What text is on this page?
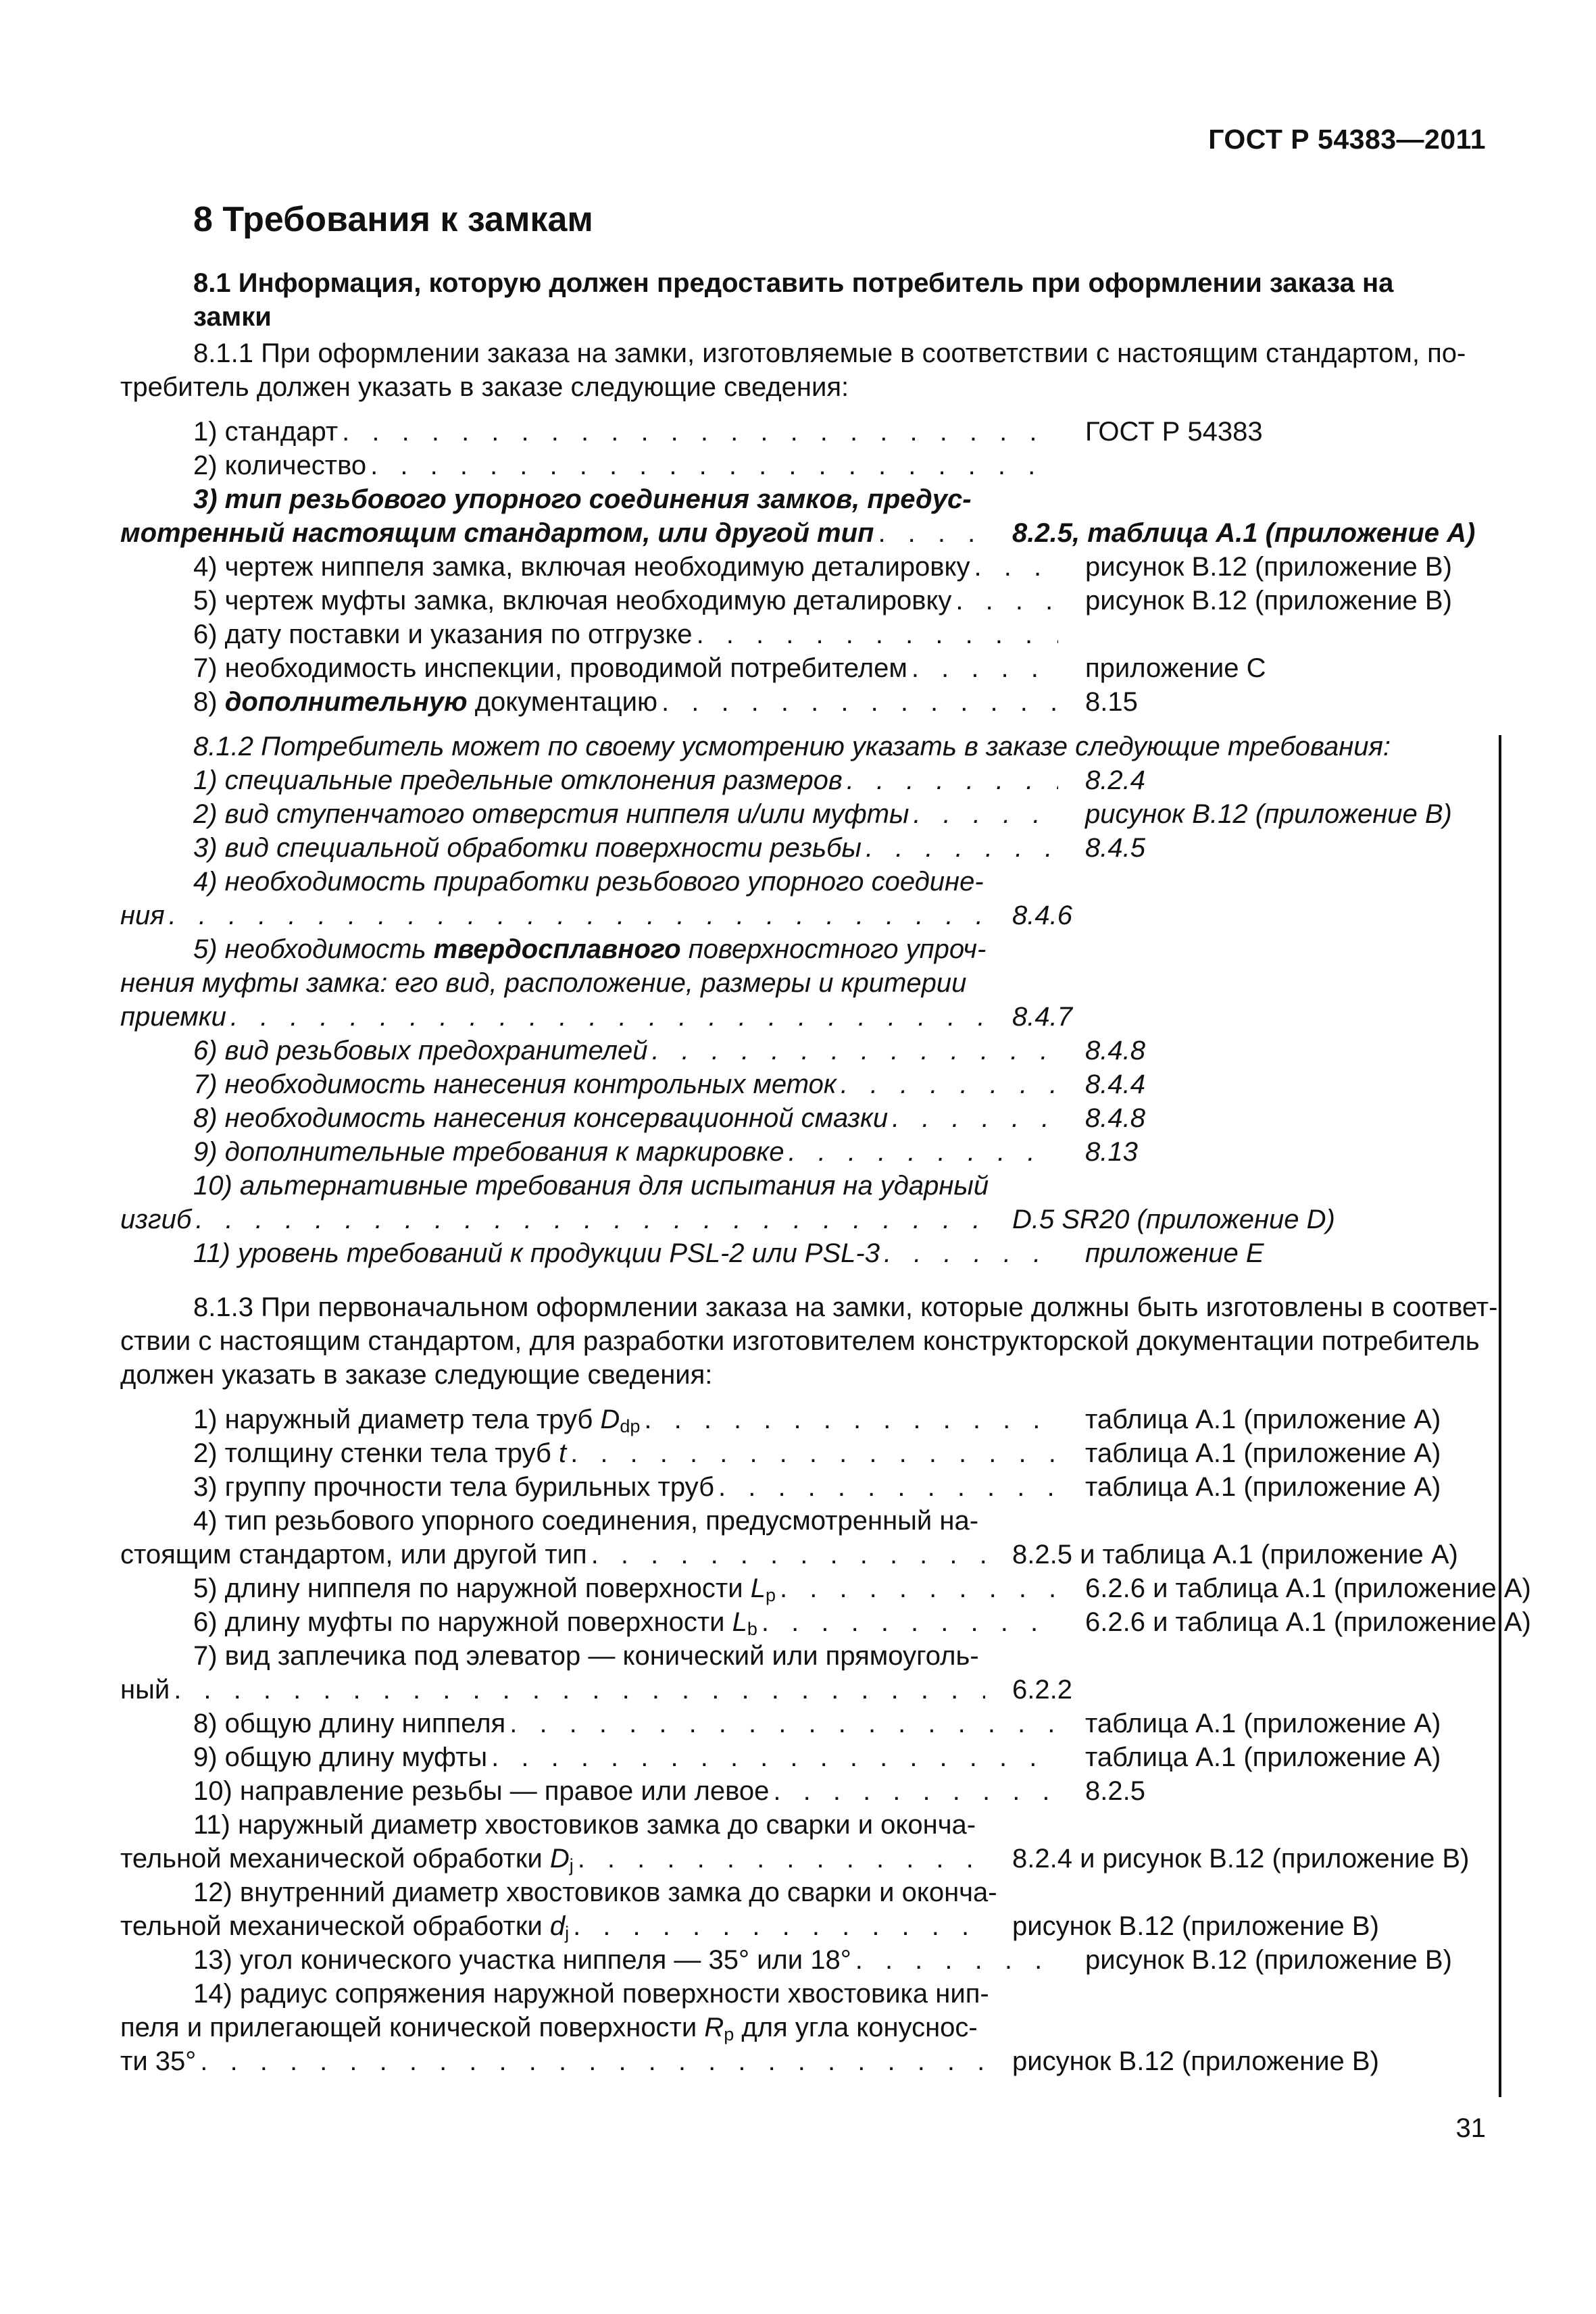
ГОСТ Р 54383—2011
8 Требования к замкам
8.1 Информация, которую должен предоставить потребитель при оформлении заказа на
замки
8.1.1 При оформлении заказа на замки, изготовляемые в соответствии с настоящим стандартом, по-
требитель должен указать в заказе следующие сведения:
1) стандарт . . .	ГОСТ Р 54383
2) количество
. . .
3) тип резьбового упорного соединения замков, предус-
мотренный настоящим стандартом, или другой тип . . .	8.2.5, таблица А.1 (приложение А)
4) чертеж ниппеля замка, включая необходимую деталировку . . .	рисунок В.12 (приложение В)
5) чертеж муфты замка, включая необходимую деталировку . . .	рисунок В.12 (приложение В)
6) дату поставки и указания по отгрузке
. . .
7) необходимость инспекции, проводимой потребителем . . .	приложение С
8) дополнительную документацию . . .	8.15
8.1.2 Потребитель может по своему усмотрению указать в заказе следующие требования:
1) специальные предельные отклонения размеров . . .	8.2.4
2) вид ступенчатого отверстия ниппеля и/или муфты . . .	рисунок В.12 (приложение В)
3) вид специальной обработки поверхности резьбы . . .	8.4.5
4) необходимость приработки резьбового упорного соедине-
ния . . .	8.4.6
5) необходимость твердосплавного поверхностного упроч-
нения муфты замка: его вид, расположение, размеры и критерии
приемки . . .	8.4.7
6) вид резьбовых предохранителей . . .	8.4.8
7) необходимость нанесения контрольных меток . . .	8.4.4
8) необходимость нанесения консервационной смазки . . .	8.4.8
9) дополнительные требования к маркировке . . .	8.13
10) альтернативные требования для испытания на ударный
изгиб . . .	D.5 SR20 (приложение D)
11) уровень требований к продукции PSL-2 или PSL-3 . . .	приложение Е
8.1.3 При первоначальном оформлении заказа на замки, которые должны быть изготовлены в соответ-
ствии с настоящим стандартом, для разработки изготовителем конструкторской документации потребитель
должен указать в заказе следующие сведения:
1) наружный диаметр тела труб $D_{dp}$ . . .	таблица А.1 (приложение А)
2) толщину стенки тела труб t . . .	таблица А.1 (приложение А)
3) группу прочности тела бурильных труб . . .	таблица А.1 (приложение А)
4) тип резьбового упорного соединения, предусмотренный на-
стоящим стандартом, или другой тип . . .	8.2.5 и таблица А.1 (приложение А)
5) длину ниппеля по наружной поверхности $L_p$ . . .	6.2.6 и таблица А.1 (приложение А)
6) длину муфты по наружной поверхности $L_b$ . . .	6.2.6 и таблица А.1 (приложение А)
7) вид заплечика под элеватор — конический или прямоуголь-
ный . . .	6.2.2
8) общую длину ниппеля . . .	таблица А.1 (приложение А)
9) общую длину муфты . . .	таблица А.1 (приложение А)
10) направление резьбы — правое или левое . . .	8.2.5
11) наружный диаметр хвостовиков замка до сварки и оконча-
тельной механической обработки $D_j$ . . .	8.2.4 и рисунок В.12 (приложение В)
12) внутренний диаметр хвостовиков замка до сварки и оконча-
тельной механической обработки $d_j$ . . .	рисунок В.12 (приложение В)
13) угол конического участка ниппеля — 35° или 18° . . .	рисунок В.12 (приложение В)
14) радиус сопряжения наружной поверхности хвостовика нип-
пеля и прилегающей конической поверхности $R_p$ для угла конуснос-
ти 35° . . .	рисунок В.12 (приложение В)
31
